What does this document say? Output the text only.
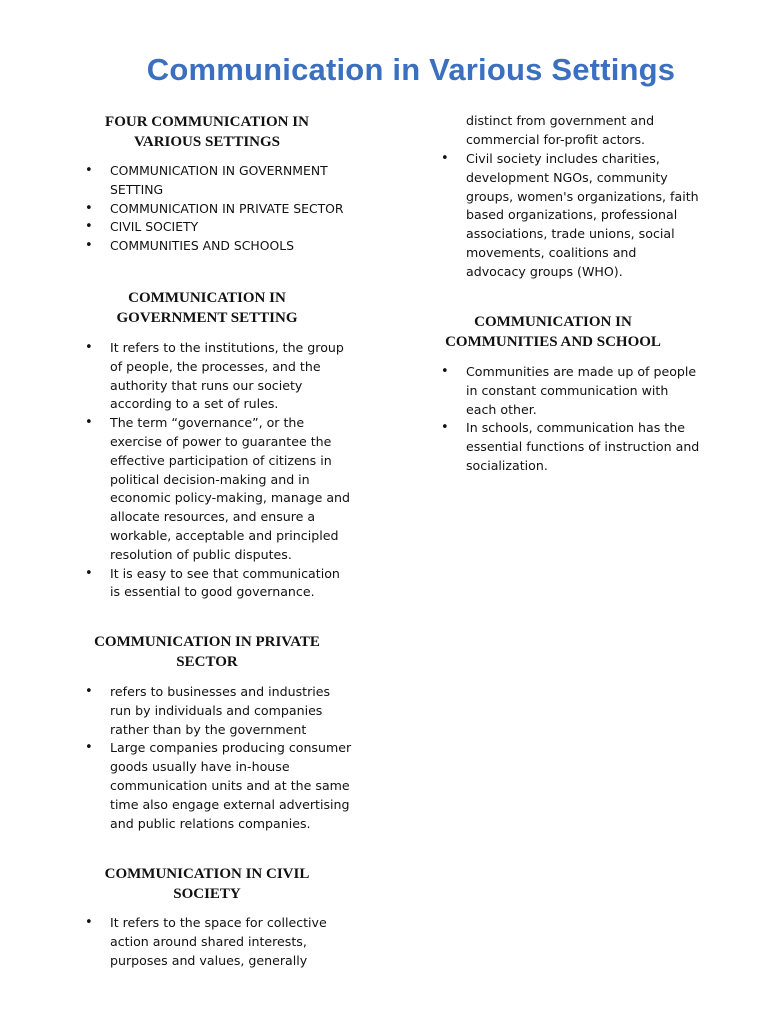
Communication in Various Settings
FOUR COMMUNICATION IN
VARIOUS SETTINGS
• COMMUNICATION IN GOVERNMENT SETTING
• COMMUNICATION IN PRIVATE SECTOR
• CIVIL SOCIETY
• COMMUNITIES AND SCHOOLS
COMMUNICATION IN
GOVERNMENT SETTING
• It refers to the institutions, the group of people, the processes, and the authority that runs our society according to a set of rules.
• The term “governance”, or the exercise of power to guarantee the effective participation of citizens in political decision-making and in economic policy-making, manage and allocate resources, and ensure a workable, acceptable and principled resolution of public disputes.
• It is easy to see that communication is essential to good governance.
COMMUNICATION IN PRIVATE
SECTOR
• refers to businesses and industries run by individuals and companies rather than by the government
• Large companies producing consumer goods usually have in-house communication units and at the same time also engage external advertising and public relations companies.
COMMUNICATION IN CIVIL
SOCIETY
• It refers to the space for collective action around shared interests, purposes and values, generally

distinct from government and commercial for-profit actors.

• Civil society includes charities, development NGOs, community groups, women's organizations, faith based organizations, professional associations, trade unions, social movements, coalitions and advocacy groups (WHO).
COMMUNICATION IN
COMMUNITIES AND SCHOOL
• Communities are made up of people in constant communication with each other.
• In schools, communication has the essential functions of instruction and socialization.
